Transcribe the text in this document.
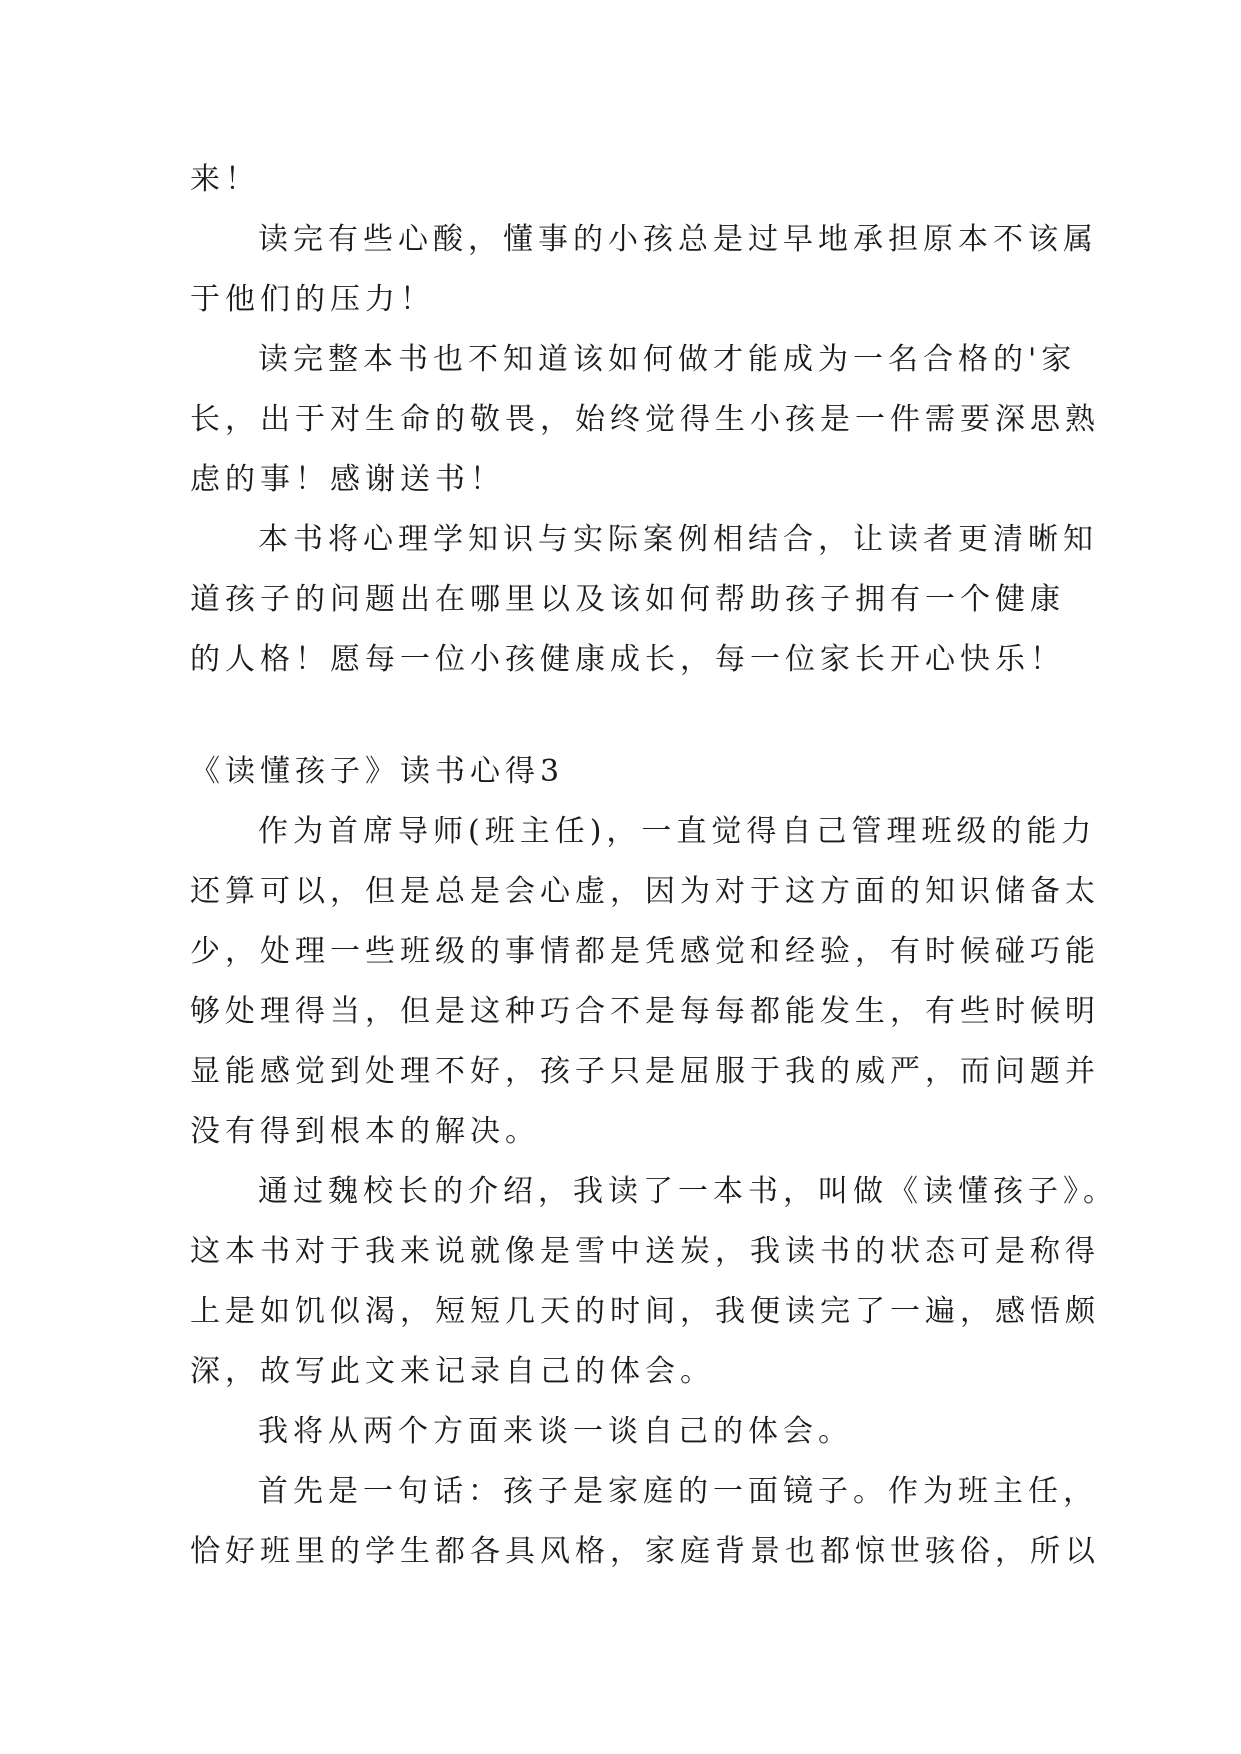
来！
读完有些心酸，懂事的小孩总是过早地承担原本不该属
于他们的压力！
读完整本书也不知道该如何做才能成为一名合格的'家
长，出于对生命的敬畏，始终觉得生小孩是一件需要深思熟
虑的事！感谢送书！
本书将心理学知识与实际案例相结合，让读者更清晰知
道孩子的问题出在哪里以及该如何帮助孩子拥有一个健康
的人格！愿每一位小孩健康成长，每一位家长开心快乐！
《读懂孩子》读书心得3
作为首席导师(班主任)，一直觉得自己管理班级的能力
还算可以，但是总是会心虚，因为对于这方面的知识储备太
少，处理一些班级的事情都是凭感觉和经验，有时候碰巧能
够处理得当，但是这种巧合不是每每都能发生，有些时候明
显能感觉到处理不好，孩子只是屈服于我的威严，而问题并
没有得到根本的解决。
通过魏校长的介绍，我读了一本书，叫做《读懂孩子》。
这本书对于我来说就像是雪中送炭，我读书的状态可是称得
上是如饥似渴，短短几天的时间，我便读完了一遍，感悟颇
深，故写此文来记录自己的体会。
我将从两个方面来谈一谈自己的体会。
首先是一句话：孩子是家庭的一面镜子。作为班主任，
恰好班里的学生都各具风格，家庭背景也都惊世骇俗，所以
